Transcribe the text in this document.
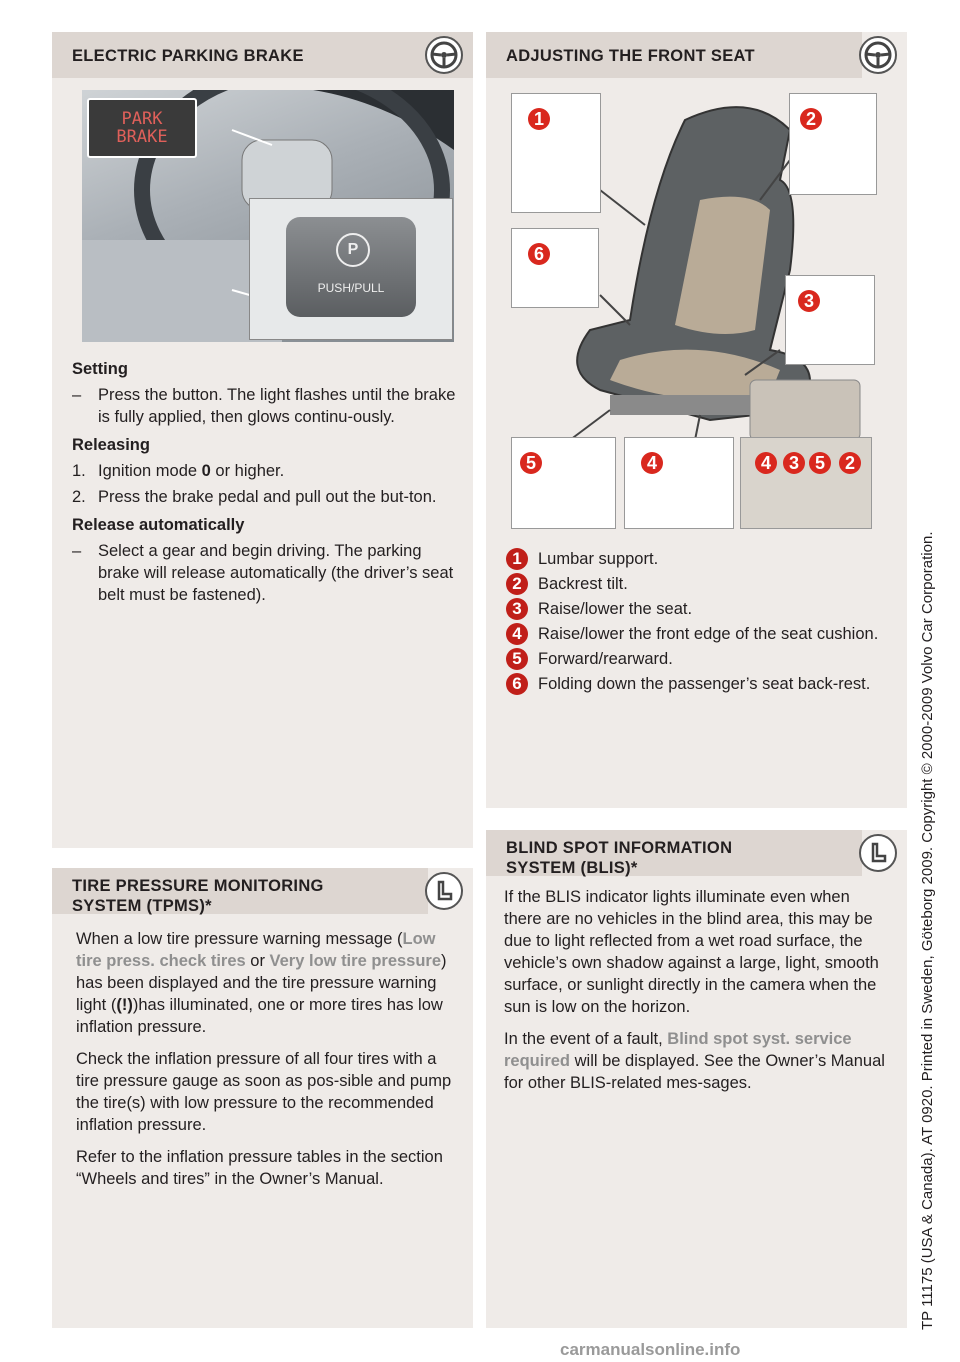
ELECTRIC PARKING BRAKE
PARK
BRAKE
P
PUSH/PULL
Setting
– Press the button. The light flashes until the brake is fully applied, then glows continu-ously.
Releasing
1. Ignition mode 0 or higher.
2. Press the brake pedal and pull out the but-ton.
Release automatically
– Select a gear and begin driving. The parking brake will release automatically (the driver’s seat belt must be fastened).
ADJUSTING THE FRONT SEAT
1	2
6
3
5	4	4 3 5	2
1 Lumbar support.
2 Backrest tilt.
3 Raise/lower the seat.
4 Raise/lower the front edge of the seat cushion.
5 Forward/rearward.
6 Folding down the passenger’s seat back-rest.
TIRE PRESSURE MONITORING
SYSTEM (TPMS)*

When a low tire pressure warning message (Low tire press. check tires or Very low tire pressure) has been displayed and the tire pressure warning light ((!))has illuminated, one or more tires has low inflation pressure.

Check the inflation pressure of all four tires with a tire pressure gauge as soon as pos-sible and pump the tire(s) with low pressure to the recommended inflation pressure.

Refer to the inflation pressure tables in the section “Wheels and tires” in the Owner’s Manual.

BLIND SPOT INFORMATION
SYSTEM (BLIS)*

If the BLIS indicator lights illuminate even when there are no vehicles in the blind area, this may be due to light reflected from a wet road surface, the vehicle’s own shadow against a large, light, smooth surface, or sunlight directly in the camera when the sun is low on the horizon.

In the event of a fault, Blind spot syst. service required will be displayed. See the Owner’s Manual for other BLIS-related mes-sages.	TP 11175 (USA & Canada). AT 0920. Printed in Sweden, Göteborg 2009. Copyright © 2000-2009 Volvo Car Corporation.
carmanualsonline.info
